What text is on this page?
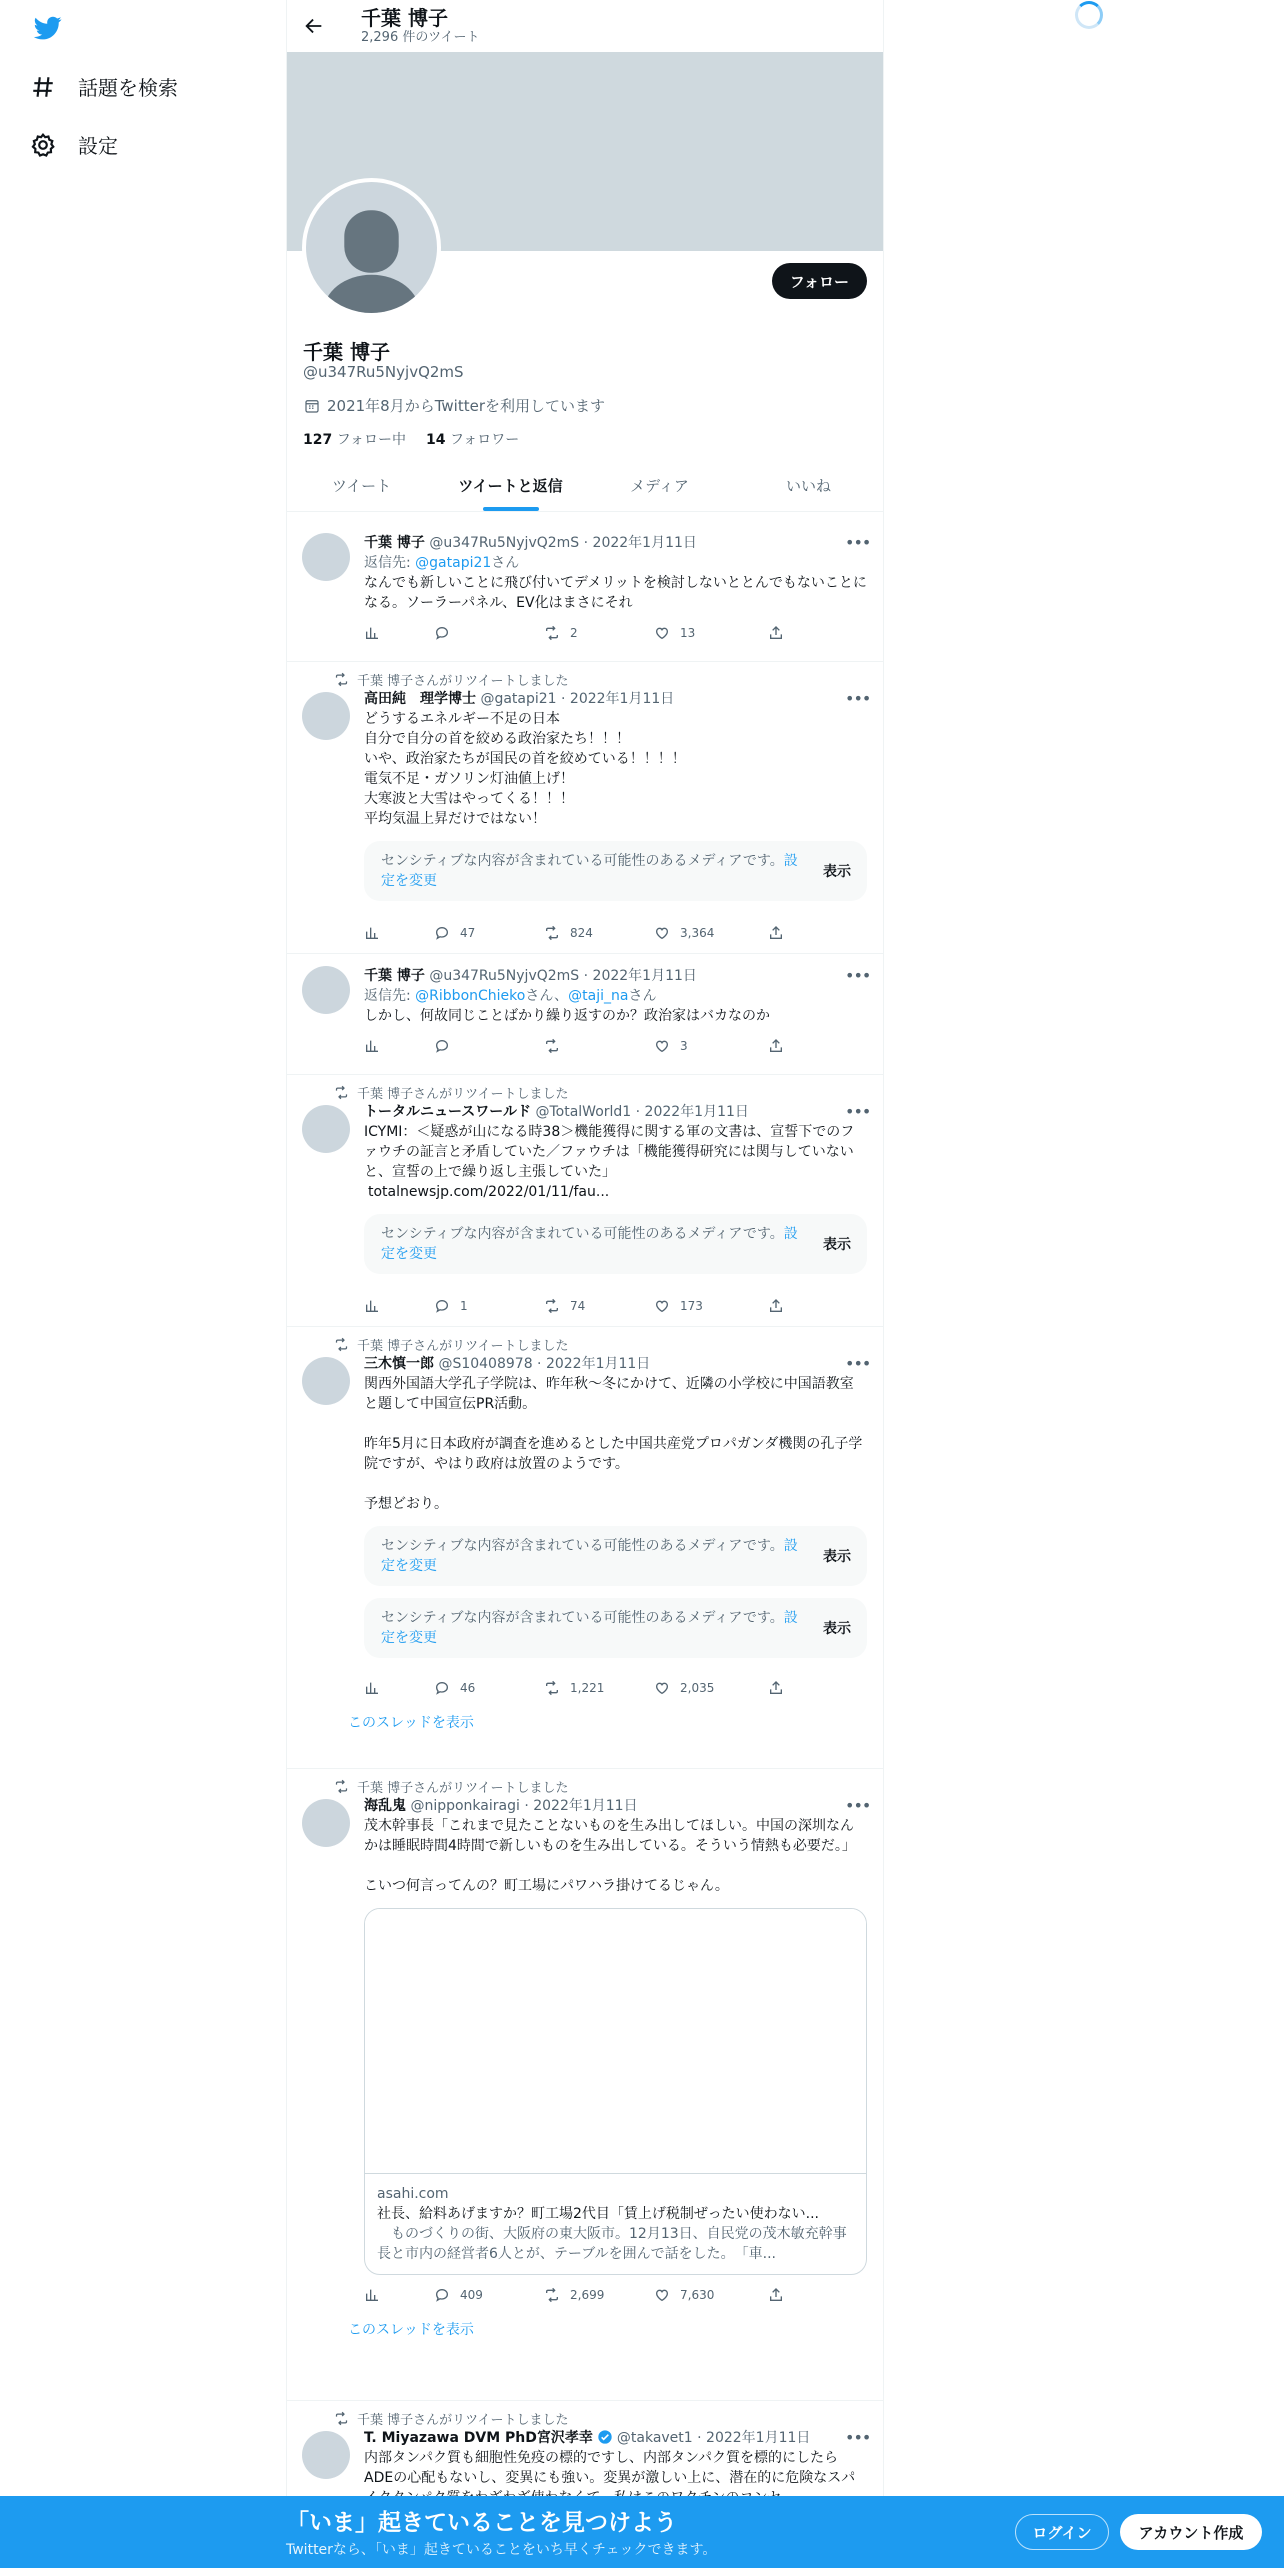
話題を検索
設定
千葉 博子
2,296 件のツイート
フォロー
千葉 博子
@u347Ru5NyjvQ2mS
2021年8月からTwitterを利用しています
127 フォロー中 14 フォロワー
ツイート	ツイートと返信	メディア	いいね
千葉 博子 @u347Ru5NyjvQ2mS · 2022年1月11日	•••
返信先: @gatapi21さん
なんでも新しいことに飛び付いてデメリットを検討しないととんでもないことになる。ソーラーパネル、EV化はまさにそれ
2	13
千葉 博子さんがリツイートしました
高田純　理学博士 @gatapi21 · 2022年1月11日	•••
どうするエネルギー不足の日本
自分で自分の首を絞める政治家たち！！！
いや、政治家たちが国民の首を絞めている！！！！
電気不足・ガソリン灯油値上げ！
大寒波と大雪はやってくる！！！
平均気温上昇だけではない！
センシティブな内容が含まれている可能性のあるメディアです。設定を変更
表示
47	824	3,364
千葉 博子 @u347Ru5NyjvQ2mS · 2022年1月11日	•••
返信先: @RibbonChiekoさん、@taji_naさん
しかし、何故同じことばかり繰り返すのか？政治家はバカなのか
3
千葉 博子さんがリツイートしました
トータルニュースワールド @TotalWorld1 · 2022年1月11日	•••
ICYMI：＜疑惑が山になる時38＞機能獲得に関する軍の文書は、宣誓下でのファウチの証言と矛盾していた／ファウチは「機能獲得研究には関与していないと、宣誓の上で繰り返し主張していた」
totalnewsjp.com/2022/01/11/fau...
センシティブな内容が含まれている可能性のあるメディアです。設定を変更
表示
1	74	173
千葉 博子さんがリツイートしました
三木慎一郎 @S10408978 · 2022年1月11日	•••
関西外国語大学孔子学院は、昨年秋〜冬にかけて、近隣の小学校に中国語教室と題して中国宣伝PR活動。

昨年5月に日本政府が調査を進めるとした中国共産党プロパガンダ機関の孔子学院ですが、やはり政府は放置のようです。

予想どおり。
センシティブな内容が含まれている可能性のあるメディアです。設定を変更
表示
センシティブな内容が含まれている可能性のあるメディアです。設定を変更
表示
46	1,221	2,035
このスレッドを表示
千葉 博子さんがリツイートしました
海乱鬼 @nipponkairagi · 2022年1月11日	•••
茂木幹事長「これまで見たことないものを生み出してほしい。中国の深圳なんかは睡眠時間4時間で新しいものを生み出している。そういう情熱も必要だ。」

こいつ何言ってんの？町工場にパワハラ掛けてるじゃん。
asahi.com
社長、給料あげますか？町工場2代目「賃上げ税制ぜったい使わない...
　ものづくりの街、大阪府の東大阪市。12月13日、自民党の茂木敏充幹事長と市内の経営者6人とが、テーブルを囲んで話をした。　「車...
409	2,699	7,630
このスレッドを表示
千葉 博子さんがリツイートしました
T. Miyazawa DVM PhD宮沢孝幸 @takavet1 · 2022年1月11日	•••
内部タンパク質も細胞性免疫の標的ですし、内部タンパク質を標的にしたらADEの心配もないし、変異にも強い。変異が激しい上に、潜在的に危険なスパ
「いま」起きていることを見つけよう
Twitterなら、「いま」起きていることをいち早くチェックできます。
ログイン	アカウント作成
